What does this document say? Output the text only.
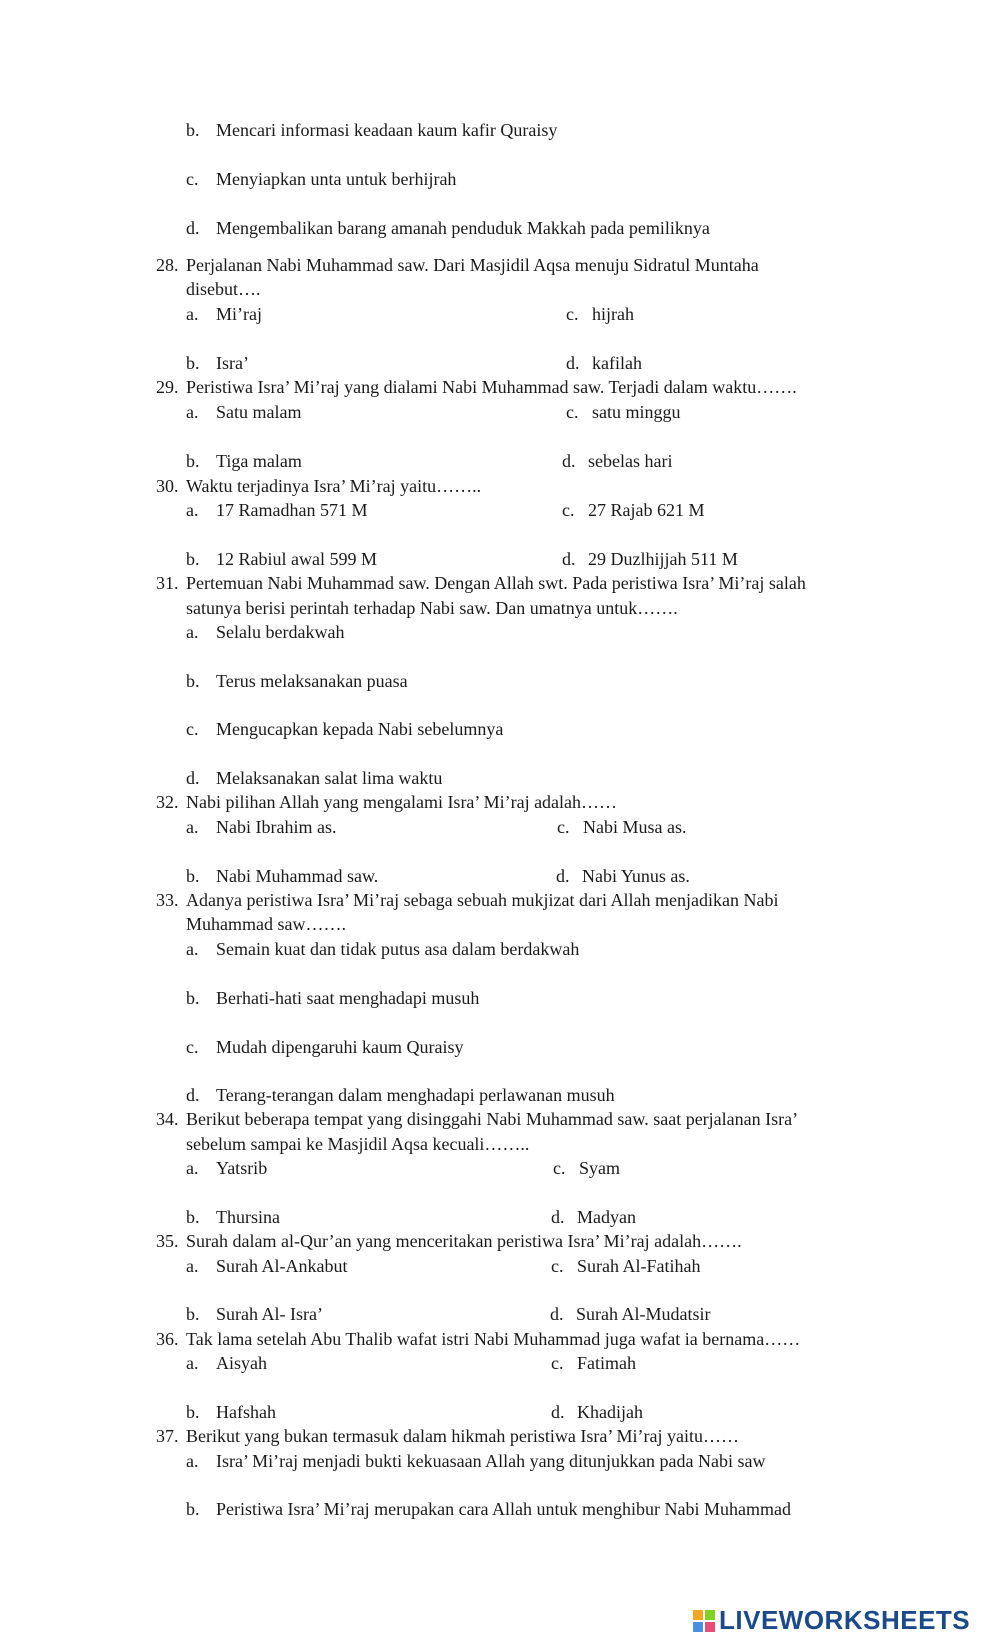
b. Mencari informasi keadaan kaum kafir Quraisy
c. Menyiapkan unta untuk berhijrah
d. Mengembalikan barang amanah penduduk Makkah pada pemiliknya
28. Perjalanan Nabi Muhammad saw. Dari Masjidil Aqsa menuju Sidratul Muntaha
disebut….
a. Mi’raj	c. hijrah
b. Isra’	d. kafilah
29. Peristiwa Isra’ Mi’raj yang dialami Nabi Muhammad saw. Terjadi dalam waktu…….
a. Satu malam	c. satu minggu
b. Tiga malam	d. sebelas hari
30. Waktu terjadinya Isra’ Mi’raj yaitu……..
a. 17 Ramadhan 571 M	c. 27 Rajab 621 M
b. 12 Rabiul awal 599 M	d. 29 Duzlhijjah 511 M
31. Pertemuan Nabi Muhammad saw. Dengan Allah swt. Pada peristiwa Isra’ Mi’raj salah
satunya berisi perintah terhadap Nabi saw. Dan umatnya untuk…….
a. Selalu berdakwah
b. Terus melaksanakan puasa
c. Mengucapkan kepada Nabi sebelumnya
d. Melaksanakan salat lima waktu
32. Nabi pilihan Allah yang mengalami Isra’ Mi’raj adalah……
a. Nabi Ibrahim as.	c. Nabi Musa as.
b. Nabi Muhammad saw.	d. Nabi Yunus as.
33. Adanya peristiwa Isra’ Mi’raj sebaga sebuah mukjizat dari Allah menjadikan Nabi
Muhammad saw…….
a. Semain kuat dan tidak putus asa dalam berdakwah
b. Berhati-hati saat menghadapi musuh
c. Mudah dipengaruhi kaum Quraisy
d. Terang-terangan dalam menghadapi perlawanan musuh
34. Berikut beberapa tempat yang disinggahi Nabi Muhammad saw. saat perjalanan Isra’
sebelum sampai ke Masjidil Aqsa kecuali……..
a. Yatsrib	c. Syam
b. Thursina	d. Madyan
35. Surah dalam al-Qur’an yang menceritakan peristiwa Isra’ Mi’raj adalah…….
a. Surah Al-Ankabut	c. Surah Al-Fatihah
b. Surah Al- Isra’	d. Surah Al-Mudatsir
36. Tak lama setelah Abu Thalib wafat istri Nabi Muhammad juga wafat ia bernama……
a. Aisyah	c. Fatimah
b. Hafshah	d. Khadijah
37. Berikut yang bukan termasuk dalam hikmah peristiwa Isra’ Mi’raj yaitu……
a. Isra’ Mi’raj menjadi bukti kekuasaan Allah yang ditunjukkan pada Nabi saw
b. Peristiwa Isra’ Mi’raj merupakan cara Allah untuk menghibur Nabi Muhammad
LIVEWORKSHEETS
